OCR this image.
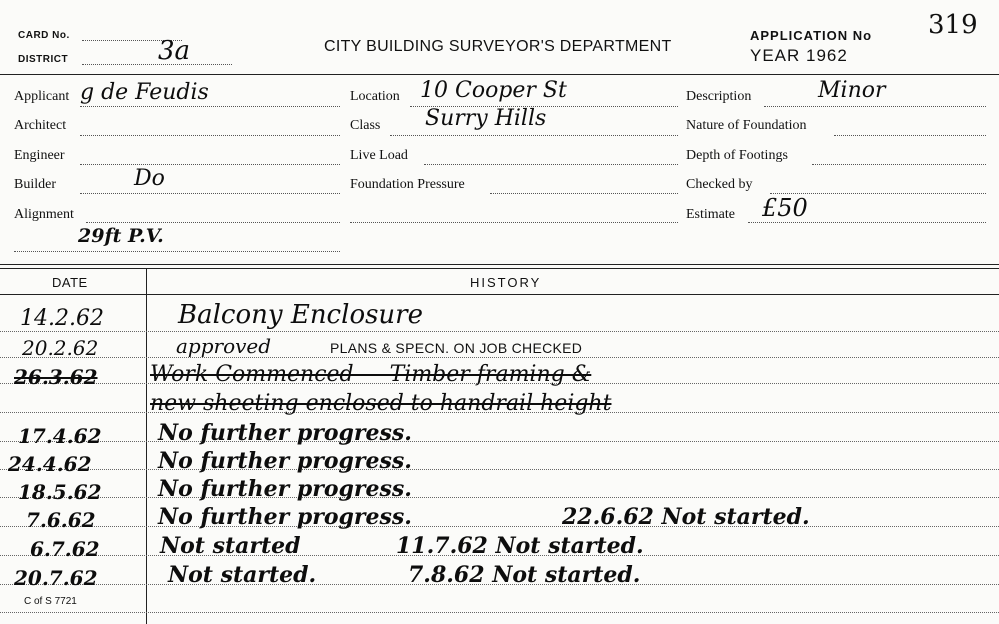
CARD No.
DISTRICT	3a	CITY BUILDING SURVEYOR'S DEPARTMENT
APPLICATION No
YEAR 1962
319
Applicant g de Feudis
Architect
Engineer
Builder	Do
Alignment
29ft P.V.
Location 10 Cooper St
Class Surry Hills
Live Load
Foundation Pressure
Description	Minor
Nature of Foundation
Depth of Footings
Checked by
Estimate £50
DATE	HISTORY
14.2.62	Balcony Enclosure
20.2.62	approved	PLANS & SPECN. ON JOB CHECKED
26.3.62 Work Commenced — Timber framing &
new sheeting enclosed to handrail height
17.4.62	No further progress.
24.4.62	No further progress.
18.5.62	No further progress.
7.6.62	No further progress.	22.6.62 Not started.
6.7.62	Not started	11.7.62 Not started.
20.7.62	Not started.	7.8.62 Not started.
C of S 7721
